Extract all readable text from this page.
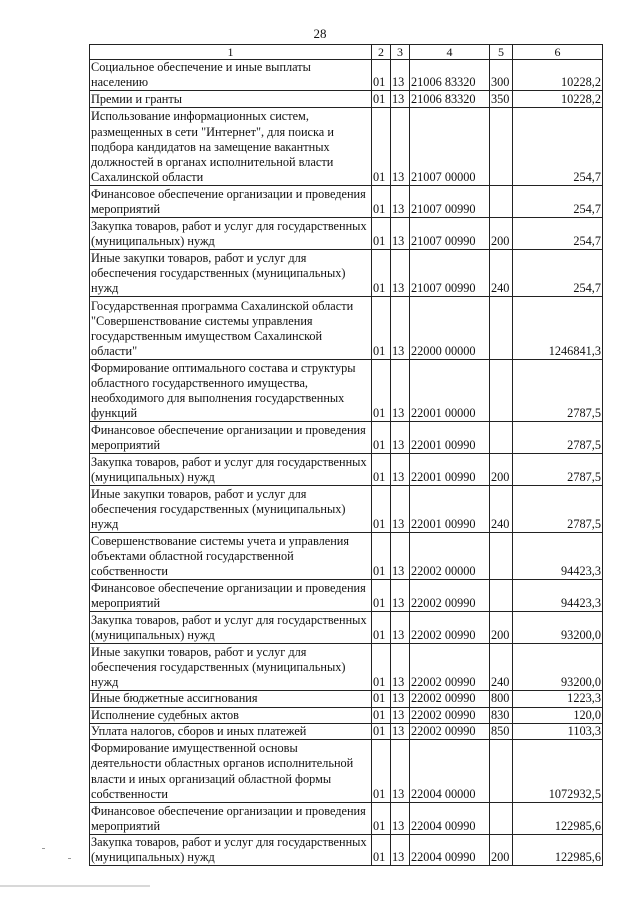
28
1	2	3	4	5	6
Социальное обеспечение и иные выплаты населению	01	13	21006 83320	300	10228,2
Премии и гранты	01	13	21006 83320	350	10228,2
Использование информационных систем, размещенных в сети "Интернет", для поиска и подбора кандидатов на замещение вакантных должностей в органах исполнительной власти Сахалинской области	01	13	21007 00000		254,7
Финансовое обеспечение организации и проведения мероприятий	01	13	21007 00990		254,7
Закупка товаров, работ и услуг для государственных (муниципальных) нужд	01	13	21007 00990	200	254,7
Иные закупки товаров, работ и услуг для обеспечения государственных (муниципальных) нужд	01	13	21007 00990	240	254,7
Государственная программа Сахалинской области "Совершенствование системы управления государственным имуществом Сахалинской области"	01	13	22000 00000		1246841,3
Формирование оптимального состава и структуры областного государственного имущества, необходимого для выполнения государственных функций	01	13	22001 00000		2787,5
Финансовое обеспечение организации и проведения мероприятий	01	13	22001 00990		2787,5
Закупка товаров, работ и услуг для государственных (муниципальных) нужд	01	13	22001 00990	200	2787,5
Иные закупки товаров, работ и услуг для обеспечения государственных (муниципальных) нужд	01	13	22001 00990	240	2787,5
Совершенствование системы учета и управления объектами областной государственной собственности	01	13	22002 00000		94423,3
Финансовое обеспечение организации и проведения мероприятий	01	13	22002 00990		94423,3
Закупка товаров, работ и услуг для государственных (муниципальных) нужд	01	13	22002 00990	200	93200,0
Иные закупки товаров, работ и услуг для обеспечения государственных (муниципальных) нужд	01	13	22002 00990	240	93200,0
Иные бюджетные ассигнования	01	13	22002 00990	800	1223,3
Исполнение судебных актов	01	13	22002 00990	830	120,0
Уплата налогов, сборов и иных платежей	01	13	22002 00990	850	1103,3
Формирование имущественной основы деятельности областных органов исполнительной власти и иных организаций областной формы собственности	01	13	22004 00000		1072932,5
Финансовое обеспечение организации и проведения мероприятий	01	13	22004 00990		122985,6
Закупка товаров, работ и услуг для государственных (муниципальных) нужд	01	13	22004 00990	200	122985,6
